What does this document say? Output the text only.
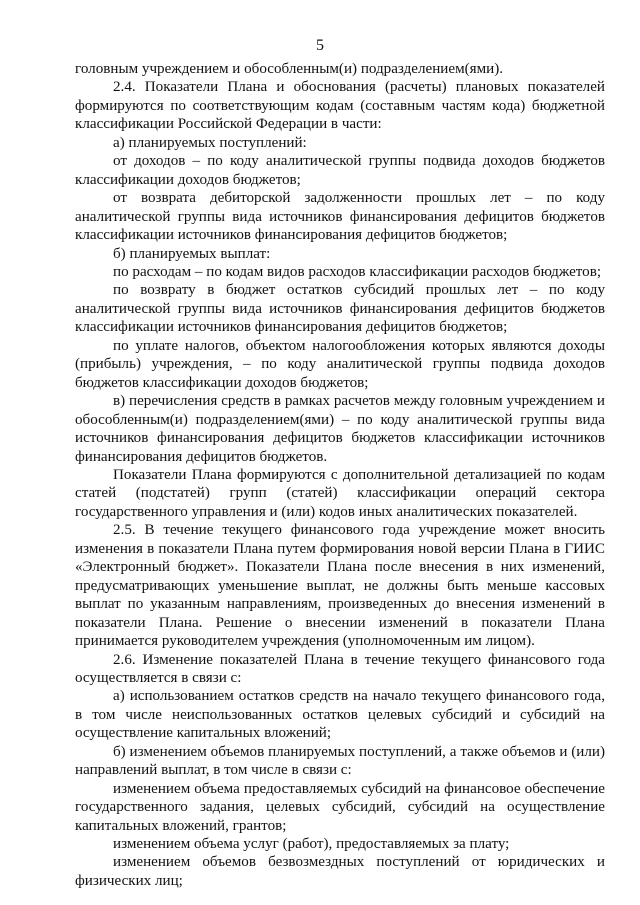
5

головным учреждением и обособленным(и) подразделением(ями).

2.4. Показатели Плана и обоснования (расчеты) плановых показателей формируются по соответствующим кодам (составным частям кода) бюджетной классификации Российской Федерации в части:

а) планируемых поступлений:

от доходов – по коду аналитической группы подвида доходов бюджетов классификации доходов бюджетов;

от возврата дебиторской задолженности прошлых лет – по коду аналитической группы вида источников финансирования дефицитов бюджетов классификации источников финансирования дефицитов бюджетов;

б) планируемых выплат:

по расходам – по кодам видов расходов классификации расходов бюджетов;

по возврату в бюджет остатков субсидий прошлых лет – по коду аналитической группы вида источников финансирования дефицитов бюджетов классификации источников финансирования дефицитов бюджетов;

по уплате налогов, объектом налогообложения которых являются доходы (прибыль) учреждения, – по коду аналитической группы подвида доходов бюджетов классификации доходов бюджетов;

в) перечисления средств в рамках расчетов между головным учреждением и обособленным(и) подразделением(ями) – по коду аналитической группы вида источников финансирования дефицитов бюджетов классификации источников финансирования дефицитов бюджетов.

Показатели Плана формируются с дополнительной детализацией по кодам статей (подстатей) групп (статей) классификации операций сектора государственного управления и (или) кодов иных аналитических показателей.

2.5. В течение текущего финансового года учреждение может вносить изменения в показатели Плана путем формирования новой версии Плана в ГИИС «Электронный бюджет». Показатели Плана после внесения в них изменений, предусматривающих уменьшение выплат, не должны быть меньше кассовых выплат по указанным направлениям, произведенных до внесения изменений в показатели Плана. Решение о внесении изменений в показатели Плана принимается руководителем учреждения (уполномоченным им лицом).

2.6. Изменение показателей Плана в течение текущего финансового года осуществляется в связи с:

а) использованием остатков средств на начало текущего финансового года, в том числе неиспользованных остатков целевых субсидий и субсидий на осуществление капитальных вложений;

б) изменением объемов планируемых поступлений, а также объемов и (или) направлений выплат, в том числе в связи с:

изменением объема предоставляемых субсидий на финансовое обеспечение государственного задания, целевых субсидий, субсидий на осуществление капитальных вложений, грантов;

изменением объема услуг (работ), предоставляемых за плату;

изменением объемов безвозмездных поступлений от юридических и физических лиц;
